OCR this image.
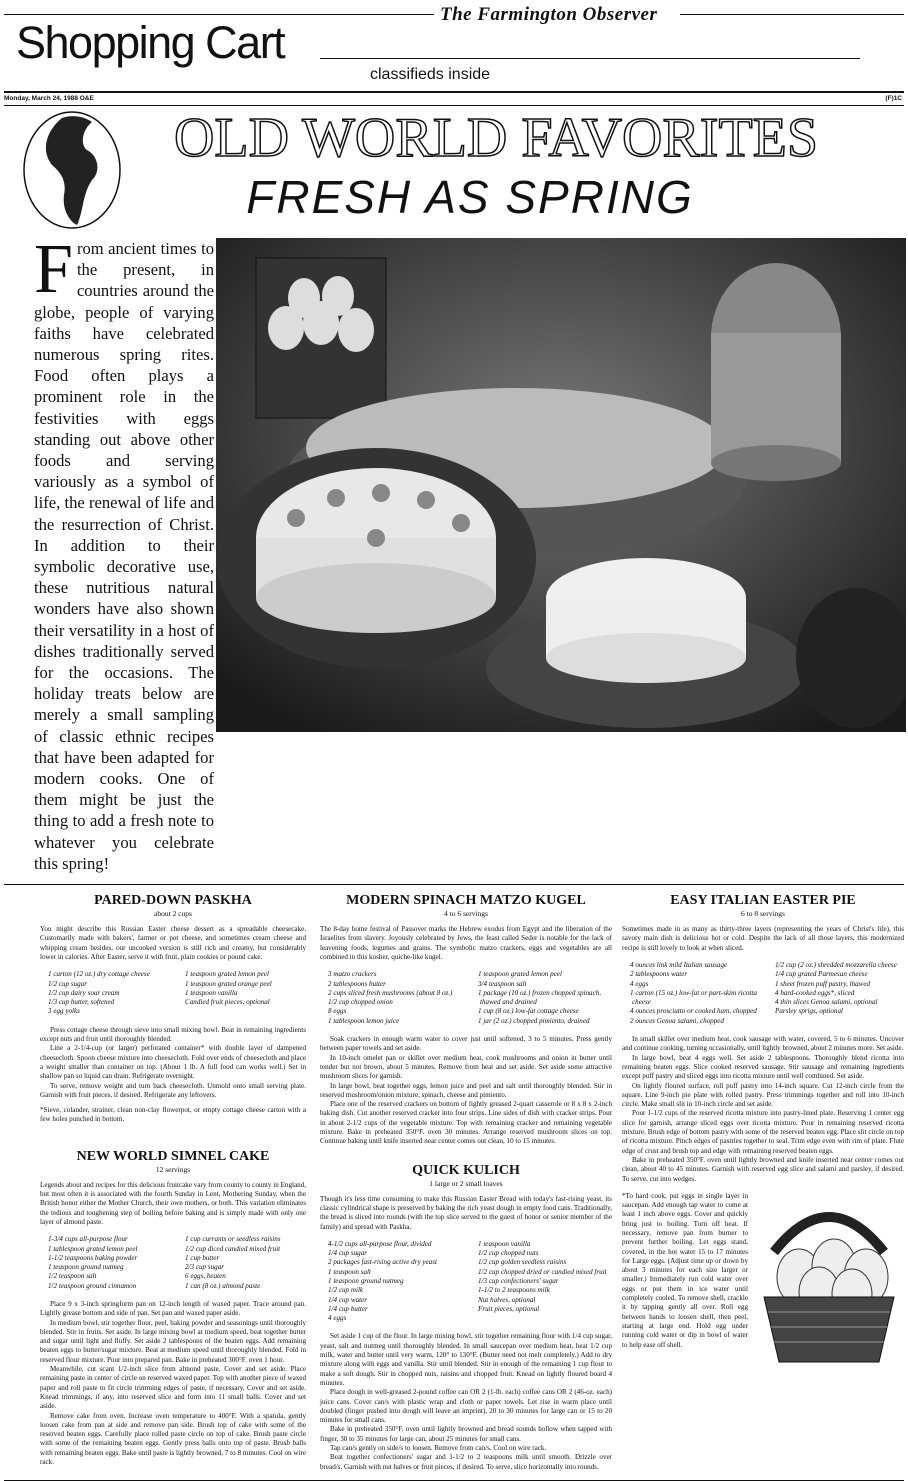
The Farmington Observer
Shopping Cart
classifieds inside
Monday, March 24, 1988 O&E	(F)1C
OLD WORLD FAVORITES
FRESH AS SPRING
From ancient times to the present, in countries around the globe, people of varying faiths have celebrated numerous spring rites. Food often plays a prominent role in the festivities with eggs standing out above other foods and serving variously as a symbol of life, the renewal of life and the resurrection of Christ. In addition to their symbolic decorative use, these nutritious natural wonders have also shown their versatility in a host of dishes traditionally served for the occasions. The holiday treats below are merely a small sampling of classic ethnic recipes that have been adapted for modern cooks. One of them might be just the thing to add a fresh note to whatever you celebrate this spring!
PARED-DOWN PASKHA
about 2 cups

You might describe this Russian Easter cheese dessert as a spreadable cheesecake. Customarily made with bakers', farmer or pot cheese, and sometimes cream cheese and whipping cream besides, our uncooked version is still rich and creamy, but considerably lower in calories. After Easter, serve it with fruit, plain cookies or pound cake.

1 carton (12 oz.) dry cottage cheese
1/2 cup sugar
1/2 cup dairy sour cream
1/3 cup butter, softened
3 egg yolks
1 teaspoon grated lemon peel
1 teaspoon grated orange peel
1 teaspoon vanilla
Candied fruit pieces, optional

Press cottage cheese through sieve into small mixing bowl. Beat in remaining ingredients except nuts and fruit until thoroughly blended.

Line a 2-1/4-cup (or larger) perforated container* with double layer of dampened cheesecloth. Spoon cheese mixture into cheesecloth. Fold over ends of cheesecloth and place a weight smaller than container on top. (About 1 lb. A full food can works well.) Set in shallow pan so liquid can drain. Refrigerate overnight.

To serve, remove weight and turn back cheesecloth. Unmold onto small serving plate. Garnish with fruit pieces, if desired. Refrigerate any leftovers.

*Sieve, colander, strainer, clean non-clay flowerpot, or empty cottage cheese carton with a few holes punched in bottom.

NEW WORLD SIMNEL CAKE
12 servings

Legends about and recipes for this delicious fruitcake vary from county to county in England, but most often it is associated with the fourth Sunday in Lent, Mothering Sunday, when the British honor either the Mother Church, their own mothers, or both. This variation eliminates the tedious and toughening step of boiling before baking and is simply made with only one layer of almond paste.

1-3/4 cups all-purpose flour
1 tablespoon grated lemon peel
1-1/2 teaspoons baking powder
1 teaspoon ground nutmeg
1/2 teaspoon salt
1/2 teaspoon ground cinnamon
1 cup currants or seedless raisins
1/2 cup diced candied mixed fruit
1 cup butter
2/3 cup sugar
6 eggs, beaten
1 can (8 oz.) almond paste

Place 9 x 3-inch springform pan on 12-inch length of waxed paper. Trace around pan. Lightly grease bottom and side of pan. Set pan and waxed paper aside.

In medium bowl, stir together flour, peel, baking powder and seasonings until thoroughly blended. Stir in fruits. Set aside. In large mixing bowl at medium speed, beat together butter and sugar until light and fluffy. Set aside 2 tablespoons of the beaten eggs. Add remaining beaten eggs to butter/sugar mixture. Beat at medium speed until thoroughly blended. Fold in reserved flour mixture. Pour into prepared pan. Bake in preheated 300°F. oven 1 hour.

Meanwhile, cut scant 1/2-inch slice from almond paste. Cover and set aside. Place remaining paste in center of circle on reserved waxed paper. Top with another piece of waxed paper and roll paste to fit circle trimming edges of paste, if necessary. Cover and set aside. Knead trimmings, if any, into reserved slice and form into 11 small balls. Cover and set aside.

Remove cake from oven. Increase oven temperature to 400°F. With a spatula, gently loosen cake from pan at side and remove pan side. Brush top of cake with some of the reserved beaten eggs. Carefully place rolled paste circle on top of cake. Brush paste circle with some of the remaining beaten eggs. Gently press balls onto top of paste. Brush balls with remaining beaten eggs. Bake until paste is lightly browned, 7 to 8 minutes. Cool on wire rack.

MODERN SPINACH MATZO KUGEL
4 to 6 servings

The 8-day home festival of Passover marks the Hebrew exodus from Egypt and the liberation of the Israelites from slavery. Joyously celebrated by Jews, the feast called Seder is notable for the lack of leavening foods, legumes and grains. The symbolic matzo crackers, eggs and vegetables are all combined in this kosher, quiche-like kugel.

3 matzo crackers
2 tablespoons butter
2 cups sliced fresh mushrooms (about 8 oz.)
1/2 cup chopped onion
8 eggs
1 tablespoon lemon juice
1 teaspoon grated lemon peel
3/4 teaspoon salt
1 package (10 oz.) frozen chopped spinach, thawed and drained
1 cup (8 oz.) low-fat cottage cheese
1 jar (2 oz.) chopped pimiento, drained

Soak crackers in enough warm water to cover just until softened, 3 to 5 minutes. Press gently between paper towels and set aside.

In 10-inch omelet pan or skillet over medium heat, cook mushrooms and onion in butter until tender but not brown, about 5 minutes. Remove from heat and set aside. Set aside some attractive mushroom slices for garnish.

In large bowl, beat together eggs, lemon juice and peel and salt until thoroughly blended. Stir in reserved mushroom/onion mixture, spinach, cheese and pimiento.

Place one of the reserved crackers on bottom of lightly greased 2-quart casserole or 8 x 8 x 2-inch baking dish. Cut another reserved cracker into four strips. Line sides of dish with cracker strips. Pour in about 2-1/2 cups of the vegetable mixture. Top with remaining cracker and remaining vegetable mixture. Bake in preheated 350°F. oven 30 minutes. Arrange reserved mushroom slices on top. Continue baking until knife inserted near center comes out clean, 10 to 15 minutes.

QUICK KULICH
1 large or 2 small loaves

Though it's less time consuming to make this Russian Easter Bread with today's fast-rising yeast, its classic cylindrical shape is preserved by baking the rich yeast dough in empty food cans. Traditionally, the bread is sliced into rounds (with the top slice served to the guest of honor or senior member of the family) and spread with Paskha.

4-1/2 cups all-purpose flour, divided
1/4 cup sugar
2 packages fast-rising active dry yeast
1 teaspoon salt
1 teaspoon ground nutmeg
1/2 cup milk
1/4 cup water
1/4 cup butter
4 eggs
1 teaspoon vanilla
1/2 cup chopped nuts
1/2 cup golden seedless raisins
1/2 cup chopped dried or candied mixed fruit
1/3 cup confectioners' sugar
1-1/2 to 2 teaspoons milk
Nut halves, optional
Fruit pieces, optional

Set aside 1 cup of the flour. In large mixing bowl, stir together remaining flour with 1/4 cup sugar, yeast, salt and nutmeg until thoroughly blended. In small saucepan over medium heat, heat 1/2 cup milk, water and butter until very warm, 120° to 130°F. (Butter need not melt completely.) Add to dry mixture along with eggs and vanilla. Stir until blended. Stir in enough of the remaining 1 cup flour to make a soft dough. Stir in chopped nuts, raisins and chopped fruit. Knead on lightly floured board 4 minutes.

Place dough in well-greased 2-pound coffee can OR 2 (1-lb. each) coffee cans OR 2 (46-oz. each) juice cans. Cover can/s with plastic wrap and cloth or paper towels. Let rise in warm place until doubled (finger pushed into dough will leave an imprint), 20 to 30 minutes for large can or 15 to 20 minutes for small cans.

Bake in preheated 350°F. oven until lightly browned and bread sounds hollow when tapped with finger, 30 to 35 minutes for large can, about 25 minutes for small cans.

Tap can/s gently on side/s to loosen. Remove from can/s. Cool on wire rack.

Beat together confectioners' sugar and 1-1/2 to 2 teaspoons milk until smooth. Drizzle over bread/s. Garnish with nut halves or fruit pieces, if desired. To serve, slice horizontally into rounds.

EASY ITALIAN EASTER PIE
6 to 8 servings

Sometimes made in as many as thirty-three layers (representing the years of Christ's life), this savory main dish is delicious hot or cold. Despite the lack of all those layers, this modernized recipe is still lovely to look at when sliced.

4 ounces link mild Italian sausage
2 tablespoons water
4 eggs
1 carton (15 oz.) low-fat or part-skim ricotta cheese
4 ounces prosciutto or cooked ham, chopped
2 ounces Genoa salami, chopped
1/2 cup (2 oz.) shredded mozzarella cheese
1/4 cup grated Parmesan cheese
1 sheet frozen puff pastry, thawed
4 hard-cooked eggs*, sliced
4 thin slices Genoa salami, optional
Parsley sprigs, optional

In small skillet over medium heat, cook sausage with water, covered, 5 to 6 minutes. Uncover and continue cooking, turning occasionally, until lightly browned, about 2 minutes more. Set aside.

In large bowl, beat 4 eggs well. Set aside 2 tablespoons. Thoroughly blend ricotta into remaining beaten eggs. Slice cooked reserved sausage. Stir sausage and remaining ingredients except puff pastry and sliced eggs into ricotta mixture until well combined. Set aside.

On lightly floured surface, roll puff pastry into 14-inch square. Cut 12-inch circle from the square. Line 9-inch pie plate with rolled pastry. Press trimmings together and roll into 10-inch circle. Make small slit in 10-inch circle and set aside.

Pour 1-1/2 cups of the reserved ricotta mixture into pastry-lined plate. Reserving 1 center egg slice for garnish, arrange sliced eggs over ricotta mixture. Pour in remaining reserved ricotta mixture. Brush edge of bottom pastry with some of the reserved beaten egg. Place slit circle on top of ricotta mixture. Pinch edges of pastries together to seal. Trim edge even with rim of plate. Flute edge of crust and brush top and edge with remaining reserved beaten eggs.

Bake in preheated 350°F. oven until lightly browned and knife inserted near center comes out clean, about 40 to 45 minutes. Garnish with reserved egg slice and salami and parsley, if desired. To serve, cut into wedges.

*To hard cook, put eggs in single layer in saucepan. Add enough tap water to come at least 1 inch above eggs. Cover and quickly bring just to boiling. Turn off heat. If necessary, remove pan from burner to prevent further boiling. Let eggs stand, covered, in the hot water 15 to 17 minutes for Large eggs. (Adjust time up or down by about 3 minutes for each size larger or smaller.) Immediately run cold water over eggs or put them in ice water until completely cooled. To remove shell, crackle it by tapping gently all over. Roll egg between hands to loosen shell, then peel, starting at large end. Hold egg under running cold water or dip in bowl of water to help ease off shell.
